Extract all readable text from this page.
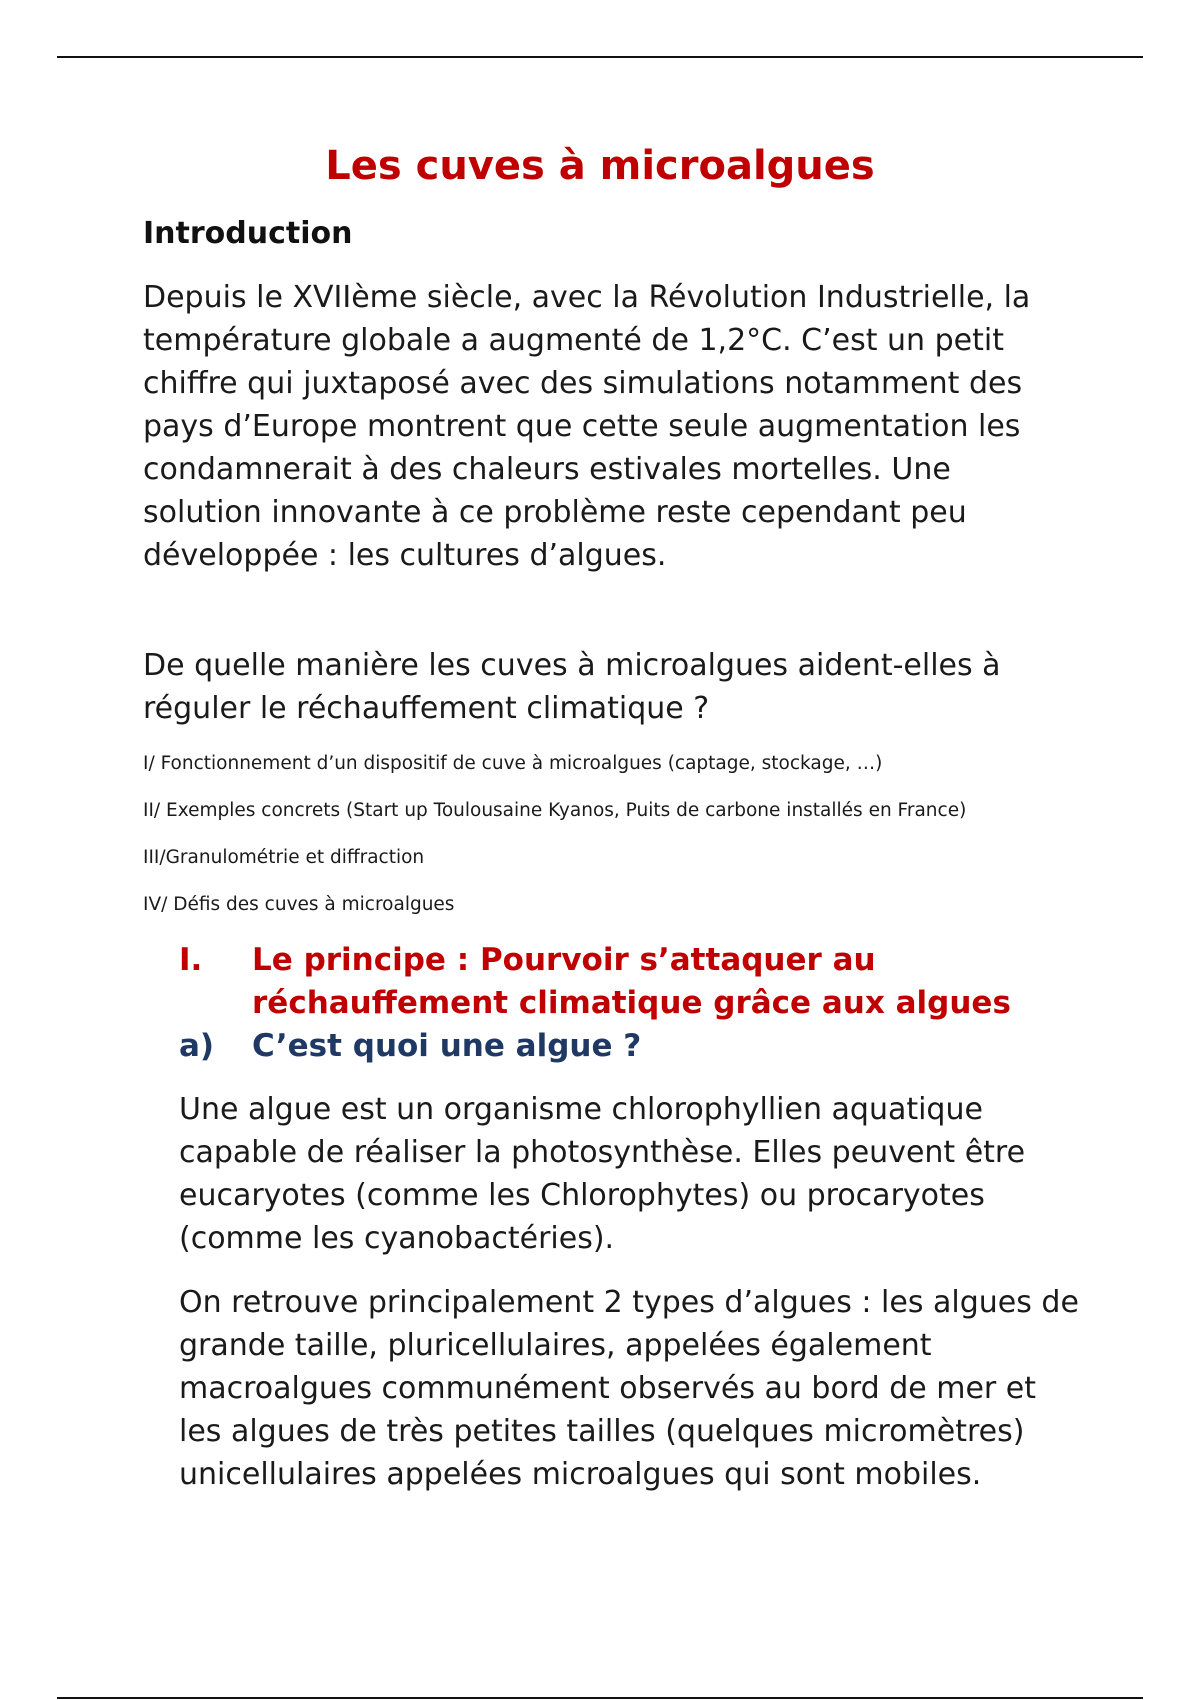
Les cuves à microalgues
Introduction

Depuis le XVIIème siècle, avec la Révolution Industrielle, la température globale a augmenté de 1,2°C. C’est un petit chiffre qui juxtaposé avec des simulations notamment des pays d’Europe montrent que cette seule augmentation les condamnerait à des chaleurs estivales mortelles. Une solution innovante à ce problème reste cependant peu développée : les cultures d’algues.

De quelle manière les cuves à microalgues aident-elles à réguler le réchauffement climatique ?

I/ Fonctionnement d’un dispositif de cuve à microalgues (captage, stockage, …)
II/ Exemples concrets (Start up Toulousaine Kyanos, Puits de carbone installés en France)
III/Granulométrie et diffraction
IV/ Défis des cuves à microalgues
I. Le principe : Pourvoir s’attaquer au
réchauffement climatique grâce aux algues
a) C’est quoi une algue ?

Une algue est un organisme chlorophyllien aquatique capable de réaliser la photosynthèse. Elles peuvent être eucaryotes (comme les Chlorophytes) ou procaryotes (comme les cyanobactéries).

On retrouve principalement 2 types d’algues : les algues de grande taille, pluricellulaires, appelées également macroalgues communément observés au bord de mer et les algues de très petites tailles (quelques micromètres) unicellulaires appelées microalgues qui sont mobiles.
